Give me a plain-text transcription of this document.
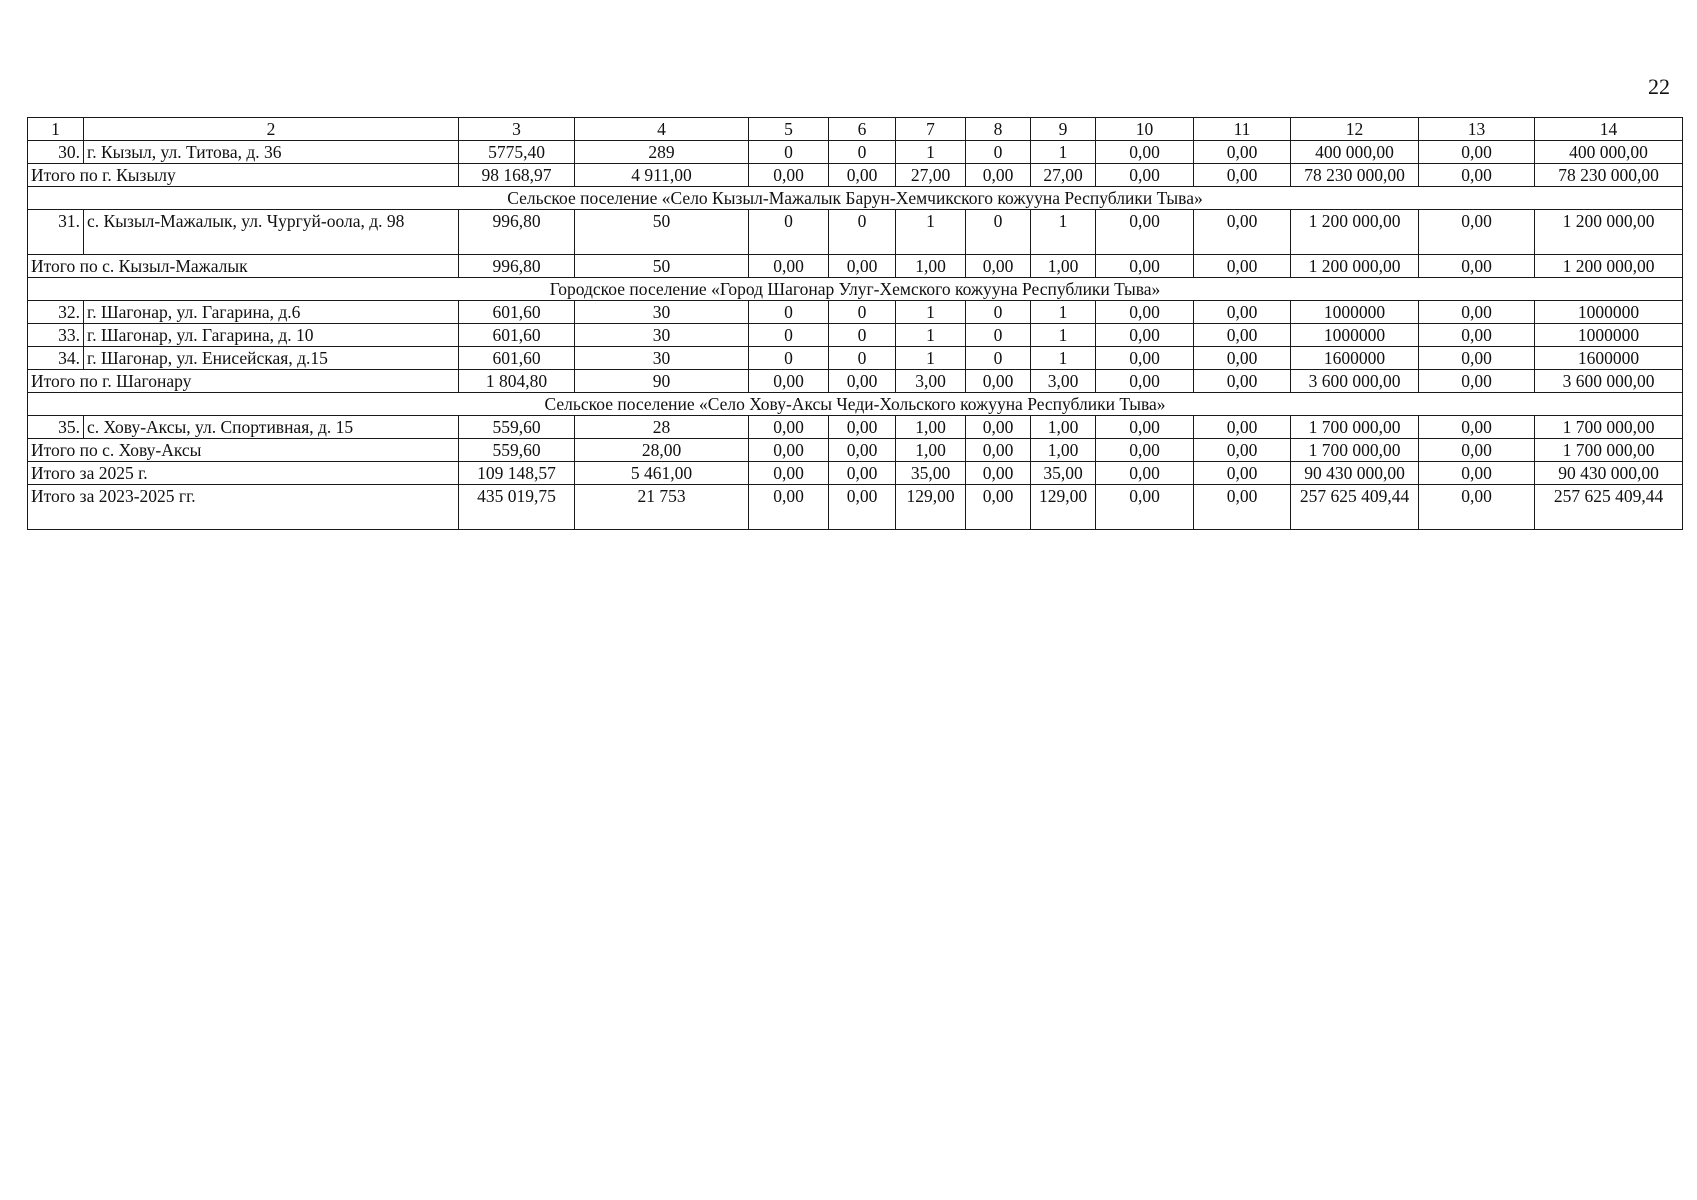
22
1	2	3	4	5	6	7	8	9	10	11	12	13	14
30.	г. Кызыл, ул. Титова, д. 36	5775,40	289	0	0	1	0	1	0,00	0,00	400 000,00	0,00	400 000,00
Итого по г. Кызылу		98 168,97	4 911,00	0,00	0,00	27,00	0,00	27,00	0,00	0,00	78 230 000,00	0,00	78 230 000,00
Сельское поселение «Село Кызыл-Мажалык Барун-Хемчикского кожууна Республики Тыва»													
31.	с. Кызыл-Мажалык, ул. Чургуй-оола, д. 98	996,80	50	0	0	1	0	1	0,00	0,00	1 200 000,00	0,00	1 200 000,00
Итого по с. Кызыл-Мажалык		996,80	50	0,00	0,00	1,00	0,00	1,00	0,00	0,00	1 200 000,00	0,00	1 200 000,00
Городское поселение «Город Шагонар Улуг-Хемского кожууна Республики Тыва»													
32.	г. Шагонар, ул. Гагарина, д.6	601,60	30	0	0	1	0	1	0,00	0,00	1000000	0,00	1000000
33.	г. Шагонар, ул. Гагарина, д. 10	601,60	30	0	0	1	0	1	0,00	0,00	1000000	0,00	1000000
34.	г. Шагонар, ул. Енисейская, д.15	601,60	30	0	0	1	0	1	0,00	0,00	1600000	0,00	1600000
Итого по г. Шагонару		1 804,80	90	0,00	0,00	3,00	0,00	3,00	0,00	0,00	3 600 000,00	0,00	3 600 000,00
Сельское поселение «Село Хову-Аксы Чеди-Хольского кожууна Республики Тыва»													
35.	с. Хову-Аксы, ул. Спортивная, д. 15	559,60	28	0,00	0,00	1,00	0,00	1,00	0,00	0,00	1 700 000,00	0,00	1 700 000,00
Итого по с. Хову-Аксы		559,60	28,00	0,00	0,00	1,00	0,00	1,00	0,00	0,00	1 700 000,00	0,00	1 700 000,00
Итого за 2025 г.		109 148,57	5 461,00	0,00	0,00	35,00	0,00	35,00	0,00	0,00	90 430 000,00	0,00	90 430 000,00
Итого за 2023-2025 гг.		435 019,75	21 753	0,00	0,00	129,00	0,00	129,00	0,00	0,00	257 625 409,44	0,00	257 625 409,44
